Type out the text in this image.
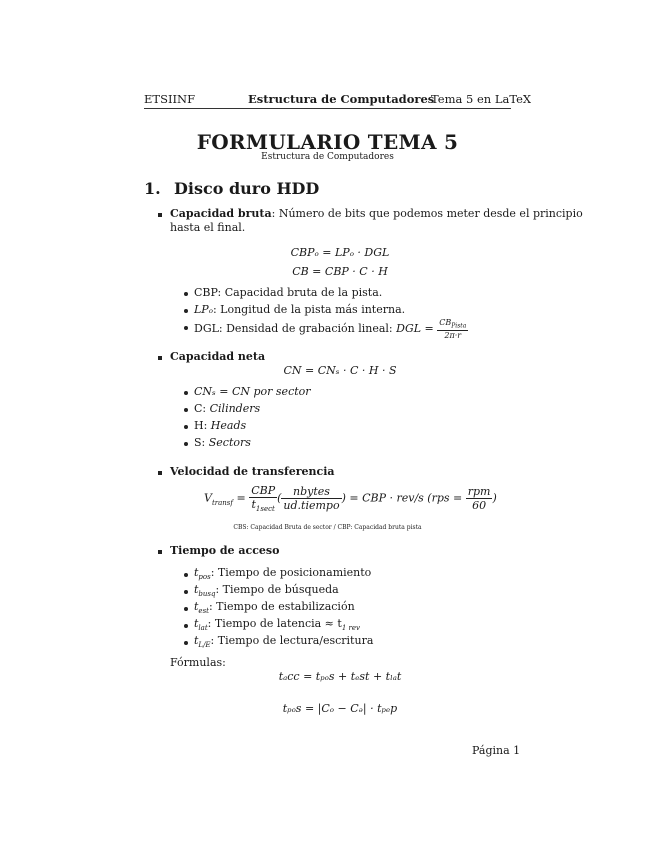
ETSIINF	Estructura de Computadores
Tema 5 en LaTeX
FORMULARIO TEMA 5
Estructura de Computadores
1. Disco duro HDD
Capacidad bruta: Número de bits que podemos meter desde el principio
hasta el final.
CBPₒ = LPₒ · DGL
CB = CBP · C · H
CBP: Capacidad bruta de la pista.
LPₒ: Longitud de la pista más interna.
DGL: Densidad de grabación lineal: DGL = $\frac{CB_{Pista}}{2\pi\cdot r}$
Capacidad neta
CN = CNₛ · C · H · S
CNₛ = CN por sector
C: Cilinders
H: Heads
S: Sectors
Velocidad de transferencia
$V_{transf} = \frac{\text{CBP}}{t_{1sect}}$ ( $\frac{\text{nbytes}}{\text{ud.tiempo}}$ ) = CBP · rev/s ($rps = \frac{\text{rpm}}{60}$ )
CBS: Capacidad Bruta de sector / CBP: Capacidad bruta pista
Tiempo de acceso
$t_{pos}$: Tiempo de posicionamiento
$t_{busq}$: Tiempo de búsqueda
$t_{est}$: Tiempo de estabilización
$t_{lat}$: Tiempo de latencia ≈ $t_{1 rev}$
$t_{L/E}$: Tiempo de lectura/escritura
Fórmulas:
tₐcc = tₚₒs + tₑst + tₗₐt
tₚₒs = |Cₒ − Cₔ| · tₚₑp
Página 1
